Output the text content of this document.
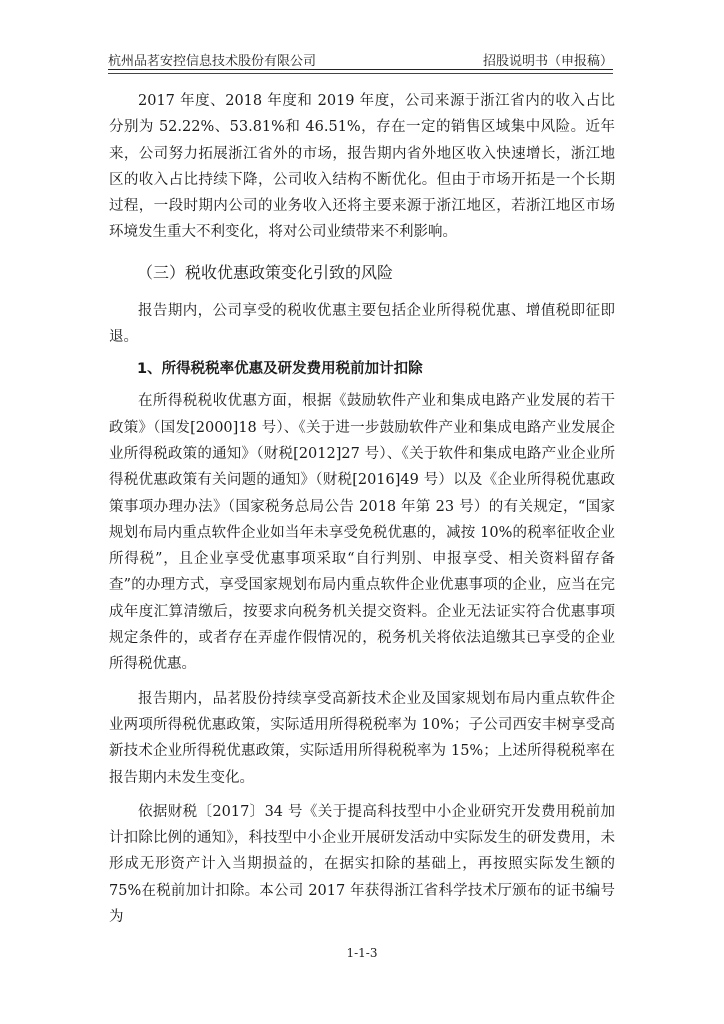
杭州品茗安控信息技术股份有限公司	招股说明书（申报稿）

2017 年度、2018 年度和 2019 年度，公司来源于浙江省内的收入占比分别为 52.22%、53.81%和 46.51%，存在一定的销售区域集中风险。近年来，公司努力拓展浙江省外的市场，报告期内省外地区收入快速增长，浙江地区的收入占比持续下降，公司收入结构不断优化。但由于市场开拓是一个长期过程，一段时期内公司的业务收入还将主要来源于浙江地区，若浙江地区市场环境发生重大不利变化，将对公司业绩带来不利影响。

（三）税收优惠政策变化引致的风险

报告期内，公司享受的税收优惠主要包括企业所得税优惠、增值税即征即退。

1、所得税税率优惠及研发费用税前加计扣除

在所得税税收优惠方面，根据《鼓励软件产业和集成电路产业发展的若干政策》（国发[2000]18 号）、《关于进一步鼓励软件产业和集成电路产业发展企业所得税政策的通知》（财税[2012]27 号）、《关于软件和集成电路产业企业所得税优惠政策有关问题的通知》（财税[2016]49 号）以及《企业所得税优惠政策事项办理办法》（国家税务总局公告 2018 年第 23 号）的有关规定，“国家规划布局内重点软件企业如当年未享受免税优惠的，减按 10%的税率征收企业所得税”，且企业享受优惠事项采取“自行判别、申报享受、相关资料留存备查”的办理方式，享受国家规划布局内重点软件企业优惠事项的企业，应当在完成年度汇算清缴后，按要求向税务机关提交资料。企业无法证实符合优惠事项规定条件的，或者存在弄虚作假情况的，税务机关将依法追缴其已享受的企业所得税优惠。

报告期内，品茗股份持续享受高新技术企业及国家规划布局内重点软件企业两项所得税优惠政策，实际适用所得税税率为 10%；子公司西安丰树享受高新技术企业所得税优惠政策，实际适用所得税税率为 15%；上述所得税税率在报告期内未发生变化。

依据财税〔2017〕34 号《关于提高科技型中小企业研究开发费用税前加计扣除比例的通知》，科技型中小企业开展研发活动中实际发生的研发费用，未形成无形资产计入当期损益的，在据实扣除的基础上，再按照实际发生额的 75%在税前加计扣除。本公司 2017 年获得浙江省科学技术厅颁布的证书编号为

1-1-3
